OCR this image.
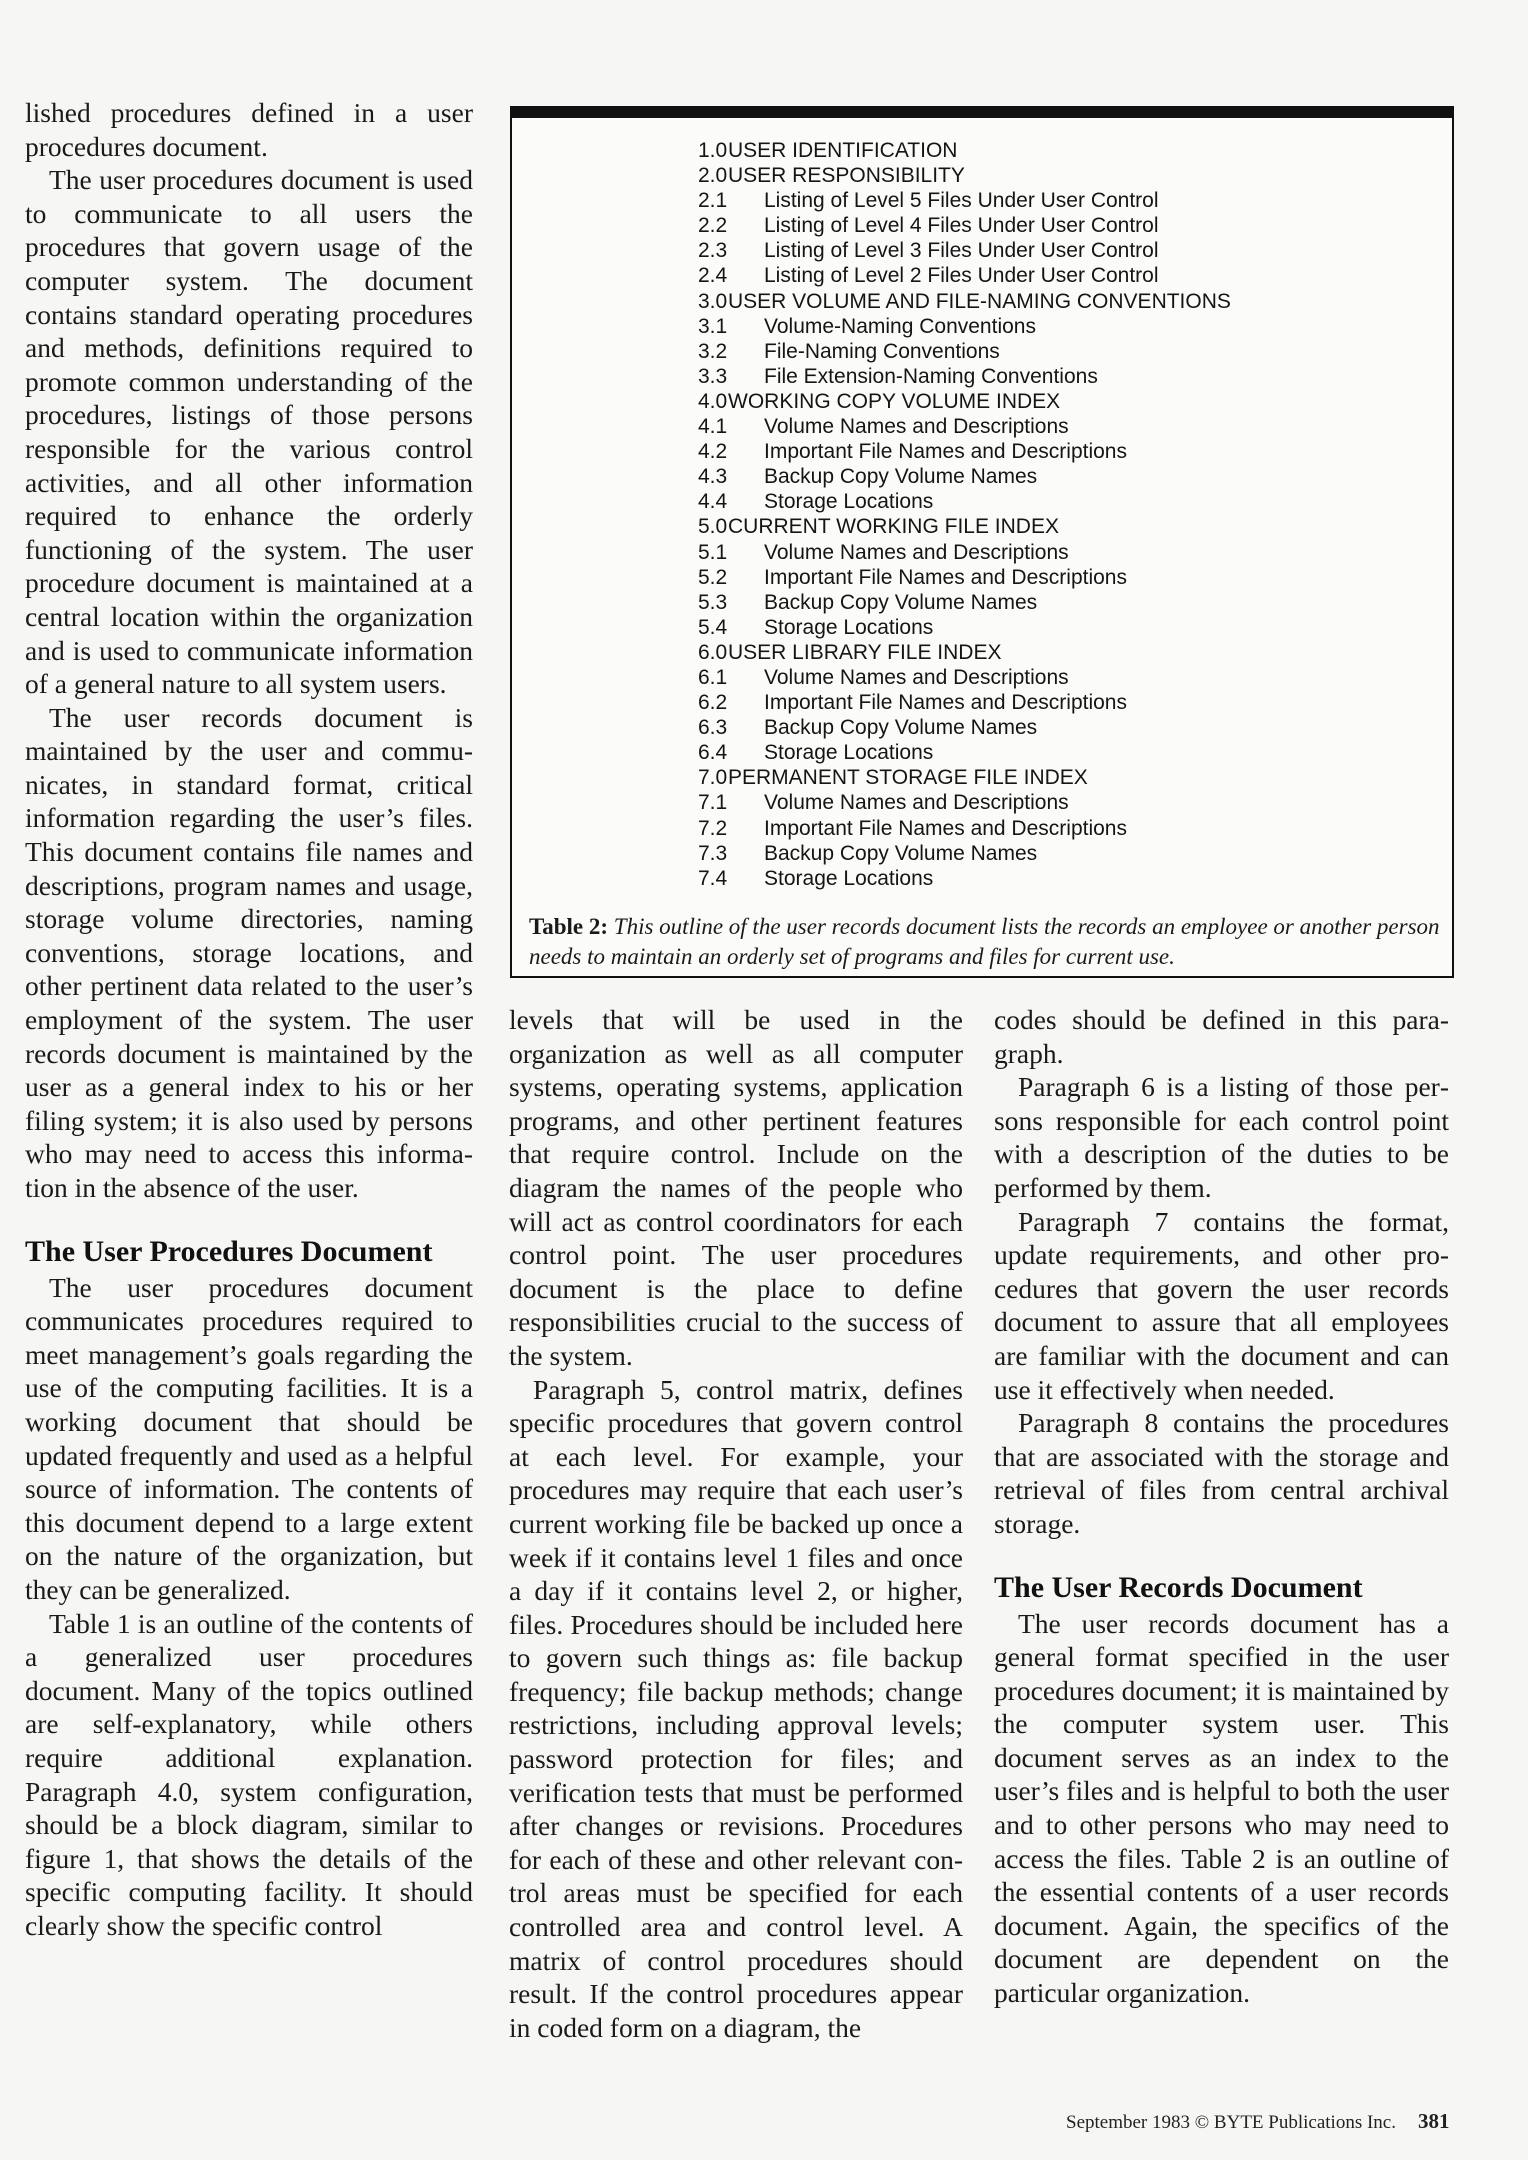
lished procedures defined in a user procedures document.

The user procedures document is used to communicate to all users the procedures that govern usage of the computer system. The document contains standard operating procedures and methods, definitions required to promote common understanding of the procedures, listings of those persons responsible for the various control activities, and all other information required to enhance the orderly functioning of the system. The user procedure document is maintained at a central location within the organization and is used to communicate information of a general nature to all system users.

The user records document is maintained by the user and communicates, in standard format, critical information regarding the user’s files. This document contains file names and descriptions, program names and usage, storage volume directories, naming conventions, storage locations, and other pertinent data related to the user’s employment of the system. The user records document is maintained by the user as a general index to his or her filing system; it is also used by persons who may need to access this information in the absence of the user.

The User Procedures Document

The user procedures document communicates procedures required to meet management’s goals regarding the use of the computing facilities. It is a working document that should be updated frequently and used as a helpful source of information. The contents of this document depend to a large extent on the nature of the organization, but they can be generalized.

Table 1 is an outline of the contents of a generalized user procedures document. Many of the topics outlined are self-explanatory, while others require additional explanation. Paragraph 4.0, system configuration, should be a block diagram, similar to figure 1, that shows the details of the specific computing facility. It should clearly show the specific control

1.0USER IDENTIFICATION
2.0USER RESPONSIBILITY
2.1 Listing of Level 5 Files Under User Control
2.2 Listing of Level 4 Files Under User Control
2.3 Listing of Level 3 Files Under User Control
2.4 Listing of Level 2 Files Under User Control
3.0USER VOLUME AND FILE-NAMING CONVENTIONS
3.1 Volume-Naming Conventions
3.2 File-Naming Conventions
3.3 File Extension-Naming Conventions
4.0WORKING COPY VOLUME INDEX
4.1 Volume Names and Descriptions
4.2 Important File Names and Descriptions
4.3 Backup Copy Volume Names
4.4 Storage Locations
5.0CURRENT WORKING FILE INDEX
5.1 Volume Names and Descriptions
5.2 Important File Names and Descriptions
5.3 Backup Copy Volume Names
5.4 Storage Locations
6.0USER LIBRARY FILE INDEX
6.1 Volume Names and Descriptions
6.2 Important File Names and Descriptions
6.3 Backup Copy Volume Names
6.4 Storage Locations
7.0PERMANENT STORAGE FILE INDEX
7.1 Volume Names and Descriptions
7.2 Important File Names and Descriptions
7.3 Backup Copy Volume Names
7.4 Storage Locations
Table 2: This outline of the user records document lists the records an employee or another person needs to maintain an orderly set of programs and files for current use.

levels that will be used in the organization as well as all computer systems, operating systems, application programs, and other pertinent features that require control. Include on the diagram the names of the people who will act as control coordinators for each control point. The user procedures document is the place to define responsibilities crucial to the success of the system.

Paragraph 5, control matrix, defines specific procedures that govern control at each level. For example, your procedures may require that each user’s current working file be backed up once a week if it contains level 1 files and once a day if it contains level 2, or higher, files. Procedures should be included here to govern such things as: file backup frequency; file backup methods; change restrictions, including approval levels; password protection for files; and verification tests that must be performed after changes or revisions. Procedures for each of these and other relevant control areas must be specified for each controlled area and control level. A matrix of control procedures should result. If the control procedures appear in coded form on a diagram, the

codes should be defined in this paragraph.

Paragraph 6 is a listing of those persons responsible for each control point with a description of the duties to be performed by them.

Paragraph 7 contains the format, update requirements, and other procedures that govern the user records document to assure that all employees are familiar with the document and can use it effectively when needed.

Paragraph 8 contains the procedures that are associated with the storage and retrieval of files from central archival storage.

The User Records Document

The user records document has a general format specified in the user procedures document; it is maintained by the computer system user. This document serves as an index to the user’s files and is helpful to both the user and to other persons who may need to access the files. Table 2 is an outline of the essential contents of a user records document. Again, the specifics of the document are dependent on the particular organization.

September 1983 © BYTE Publications Inc. 381
